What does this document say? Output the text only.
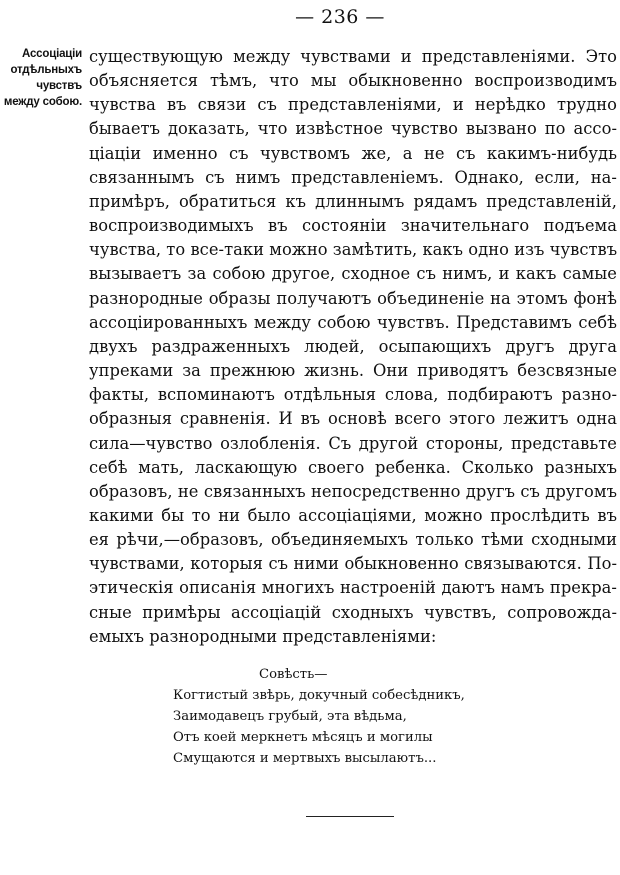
— 236 —
Ассоціаціи
отдѣльныхъ
чувствъ
между собою.
существующую между чувствами и представленіями. Это
объясняется тѣмъ, что мы обыкновенно воспроизводимъ
чувства въ связи съ представленіями, и нерѣдко трудно
бываетъ доказать, что извѣстное чувство вызвано по ассо-
ціаціи именно съ чувствомъ же, а не съ какимъ-нибудь
связаннымъ съ нимъ представленіемъ. Однако, если, на-
примѣръ, обратиться къ длиннымъ рядамъ представленій,
воспроизводимыхъ въ состояніи значительнаго подъема
чувства, то все-таки можно замѣтить, какъ одно изъ чувствъ
вызываетъ за собою другое, сходное съ нимъ, и какъ самые
разнородные образы получаютъ объединеніе на этомъ фонѣ
ассоціированныхъ между собою чувствъ. Представимъ себѣ
двухъ раздраженныхъ людей, осыпающихъ другъ друга
упреками за прежнюю жизнь. Они приводятъ безсвязные
факты, вспоминаютъ отдѣльныя слова, подбираютъ разно-
образныя сравненія. И въ основѣ всего этого лежитъ одна
сила—чувство озлобленія. Съ другой стороны, представьте
себѣ мать, ласкающую своего ребенка. Сколько разныхъ
образовъ, не связанныхъ непосредственно другъ съ другомъ
какими бы то ни было ассоціаціями, можно прослѣдить въ
ея рѣчи,—образовъ, объединяемыхъ только тѣми сходными
чувствами, которыя съ ними обыкновенно связываются. По-
этическія описанія многихъ настроеній даютъ намъ прекра-
сные примѣры ассоціацій сходныхъ чувствъ, сопровожда-
емыхъ разнородными представленіями:
Совѣсть—
Когтистый звѣрь, докучный собесѣдникъ,
Заимодавецъ грубый, эта вѣдьма,
Отъ коей меркнетъ мѣсяцъ и могилы
Смущаются и мертвыхъ высылаютъ...
